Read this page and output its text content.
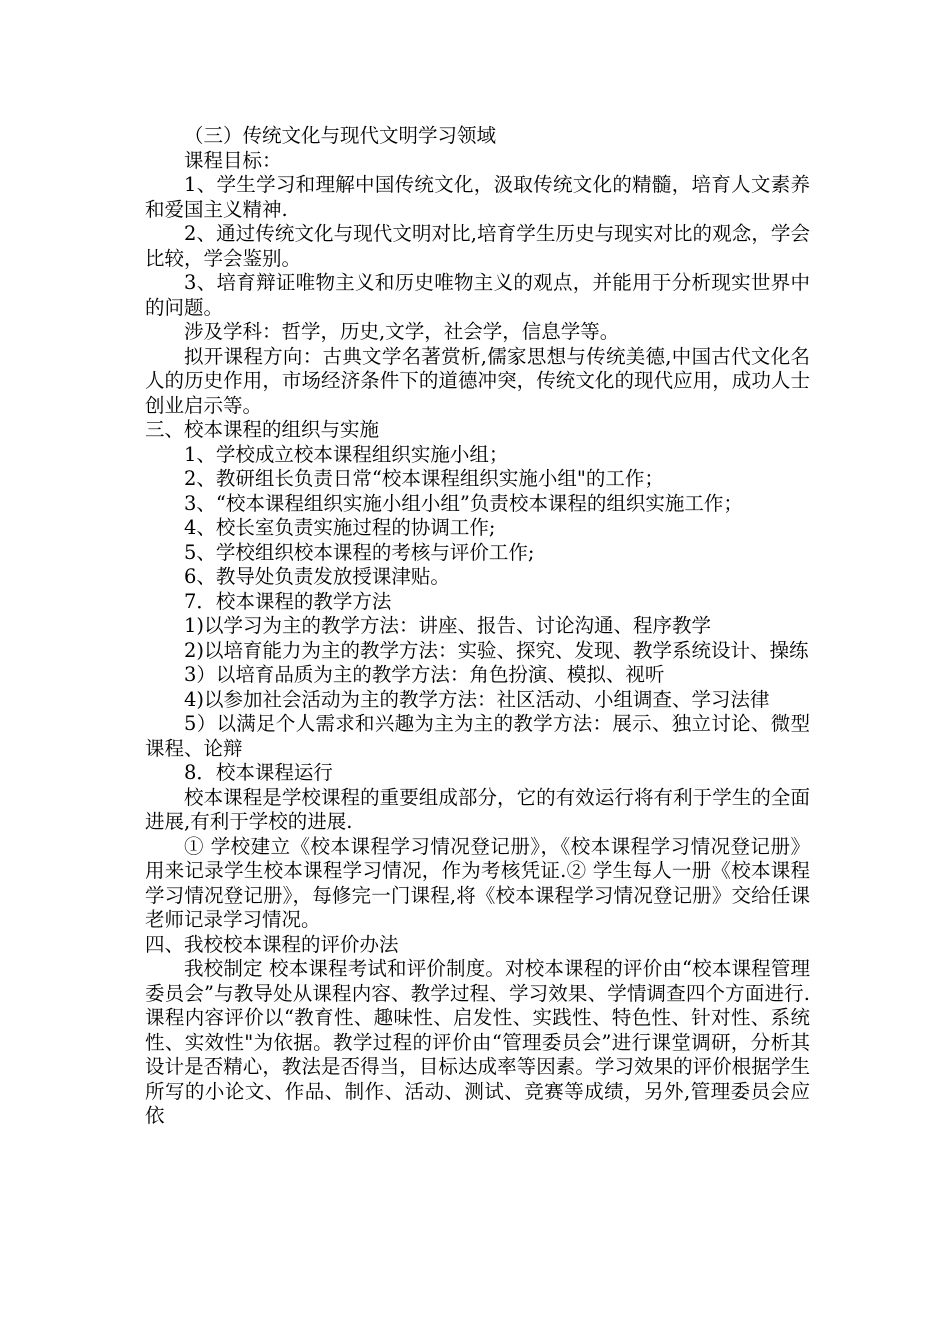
（三）传统文化与现代文明学习领域

课程目标：

1、学生学习和理解中国传统文化，汲取传统文化的精髓，培育人文素养和爱国主义精神.

2、通过传统文化与现代文明对比,培育学生历史与现实对比的观念，学会比较，学会鉴别。

3、培育辩证唯物主义和历史唯物主义的观点，并能用于分析现实世界中的问题。

涉及学科：哲学，历史,文学，社会学，信息学等。

拟开课程方向：古典文学名著赏析,儒家思想与传统美德,中国古代文化名人的历史作用，市场经济条件下的道德冲突，传统文化的现代应用，成功人士创业启示等。

三、校本课程的组织与实施

1、学校成立校本课程组织实施小组；

2、教研组长负责日常“校本课程组织实施小组"的工作；

3、“校本课程组织实施小组小组”负责校本课程的组织实施工作；

4、校长室负责实施过程的协调工作;

5、学校组织校本课程的考核与评价工作;

6、教导处负责发放授课津贴。

7．校本课程的教学方法

1)以学习为主的教学方法：讲座、报告、讨论沟通、程序教学

2)以培育能力为主的教学方法：实验、探究、发现、教学系统设计、操练

3）以培育品质为主的教学方法：角色扮演、模拟、视听

4)以参加社会活动为主的教学方法：社区活动、小组调查、学习法律

5）以满足个人需求和兴趣为主为主的教学方法：展示、独立讨论、微型课程、论辩

8．校本课程运行

校本课程是学校课程的重要组成部分，它的有效运行将有利于学生的全面进展,有利于学校的进展.

① 学校建立《校本课程学习情况登记册》，《校本课程学习情况登记册》用来记录学生校本课程学习情况，作为考核凭证.② 学生每人一册《校本课程学习情况登记册》，每修完一门课程,将《校本课程学习情况登记册》交给任课老师记录学习情况。

四、我校校本课程的评价办法

我校制定 校本课程考试和评价制度。对校本课程的评价由“校本课程管理委员会”与教导处从课程内容、教学过程、学习效果、学情调查四个方面进行.课程内容评价以“教育性、趣味性、启发性、实践性、特色性、针对性、系统性、实效性"为依据。教学过程的评价由“管理委员会”进行课堂调研，分析其设计是否精心，教法是否得当，目标达成率等因素。学习效果的评价根据学生所写的小论文、作品、制作、活动、测试、竞赛等成绩，另外,管理委员会应依
